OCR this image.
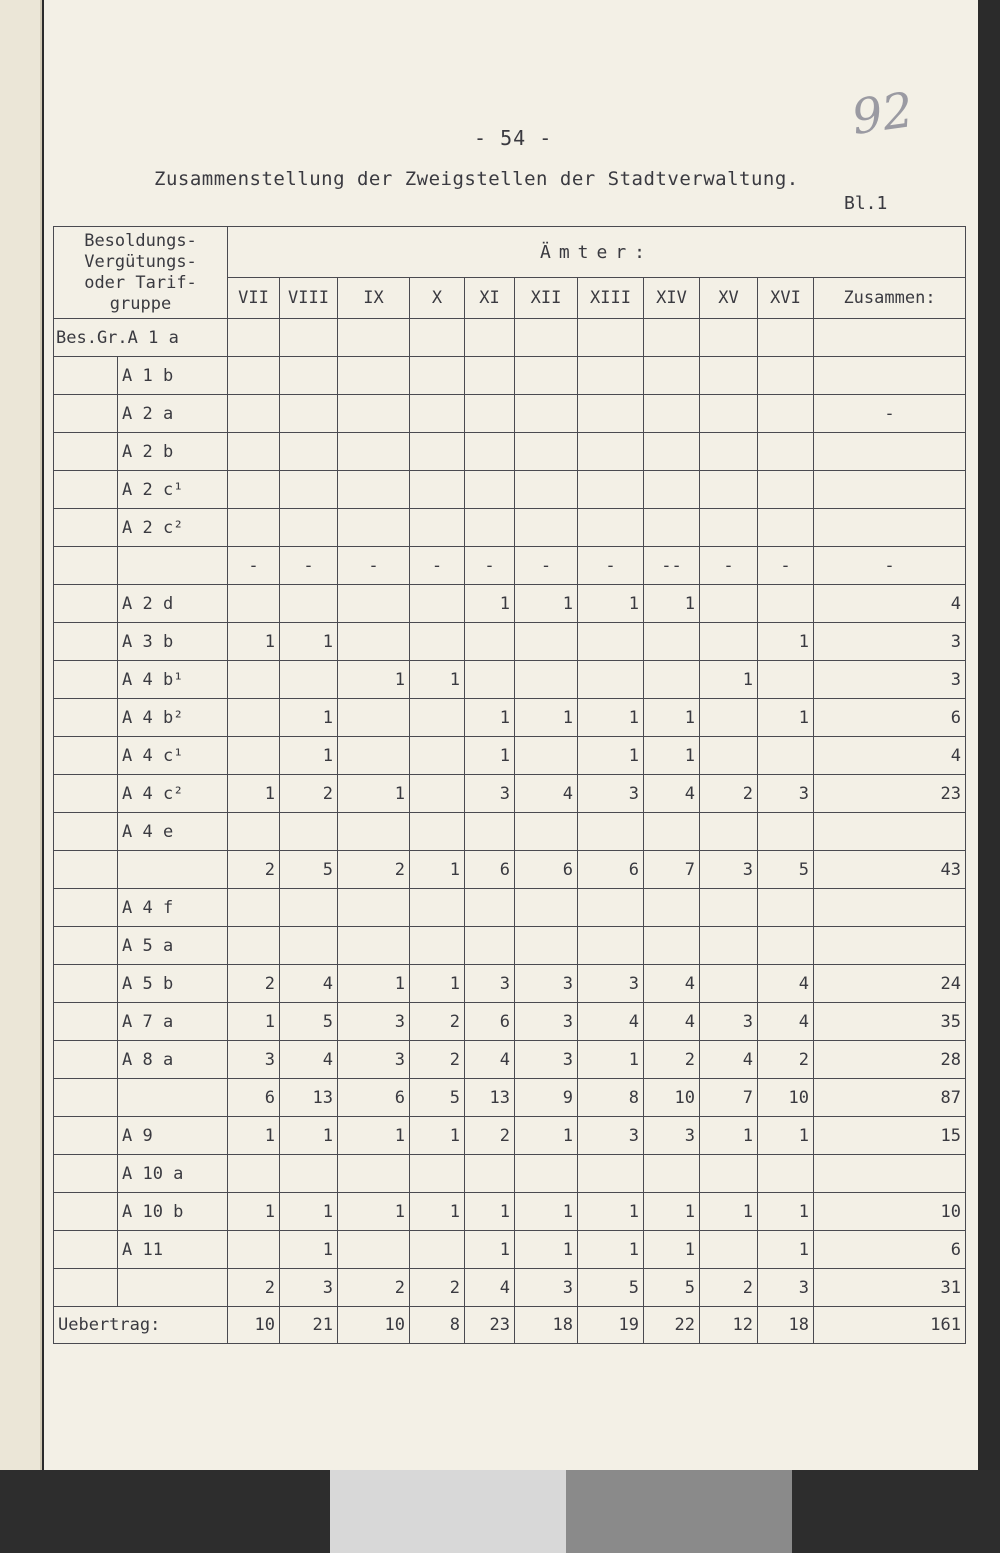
- 54 -	92
Zusammenstellung der Zweigstellen der Stadtverwaltung.
Bl.1
Besoldungs-
Vergütungs-
oder Tarif-
gruppe		Ämter:										
		VII	VIII	IX	X	XI	XII	XIII	XIV	XV	XVI	Zusammen:
Bes.Gr.A 1 a												
	A 1 b											
	A 2 a											-
	A 2 b											
	A 2 c¹											
	A 2 c²											
		-	-	-	-	-	-	-	--	-	-	-
	A 2 d					1	1	1	1			4
	A 3 b	1	1								1	3
	A 4 b¹			1	1					1		3
	A 4 b²		1			1	1	1	1		1	6
	A 4 c¹		1			1		1	1			4
	A 4 c²	1	2	1		3	4	3	4	2	3	23
	A 4 e											
		2	5	2	1	6	6	6	7	3	5	43
	A 4 f											
	A 5 a											
	A 5 b	2	4	1	1	3	3	3	4		4	24
	A 7 a	1	5	3	2	6	3	4	4	3	4	35
	A 8 a	3	4	3	2	4	3	1	2	4	2	28
		6	13	6	5	13	9	8	10	7	10	87
	A 9	1	1	1	1	2	1	3	3	1	1	15
	A 10 a											
	A 10 b	1	1	1	1	1	1	1	1	1	1	10
	A 11		1			1	1	1	1		1	6
		2	3	2	2	4	3	5	5	2	3	31
Uebertrag:		10	21	10	8	23	18	19	22	12	18	161
